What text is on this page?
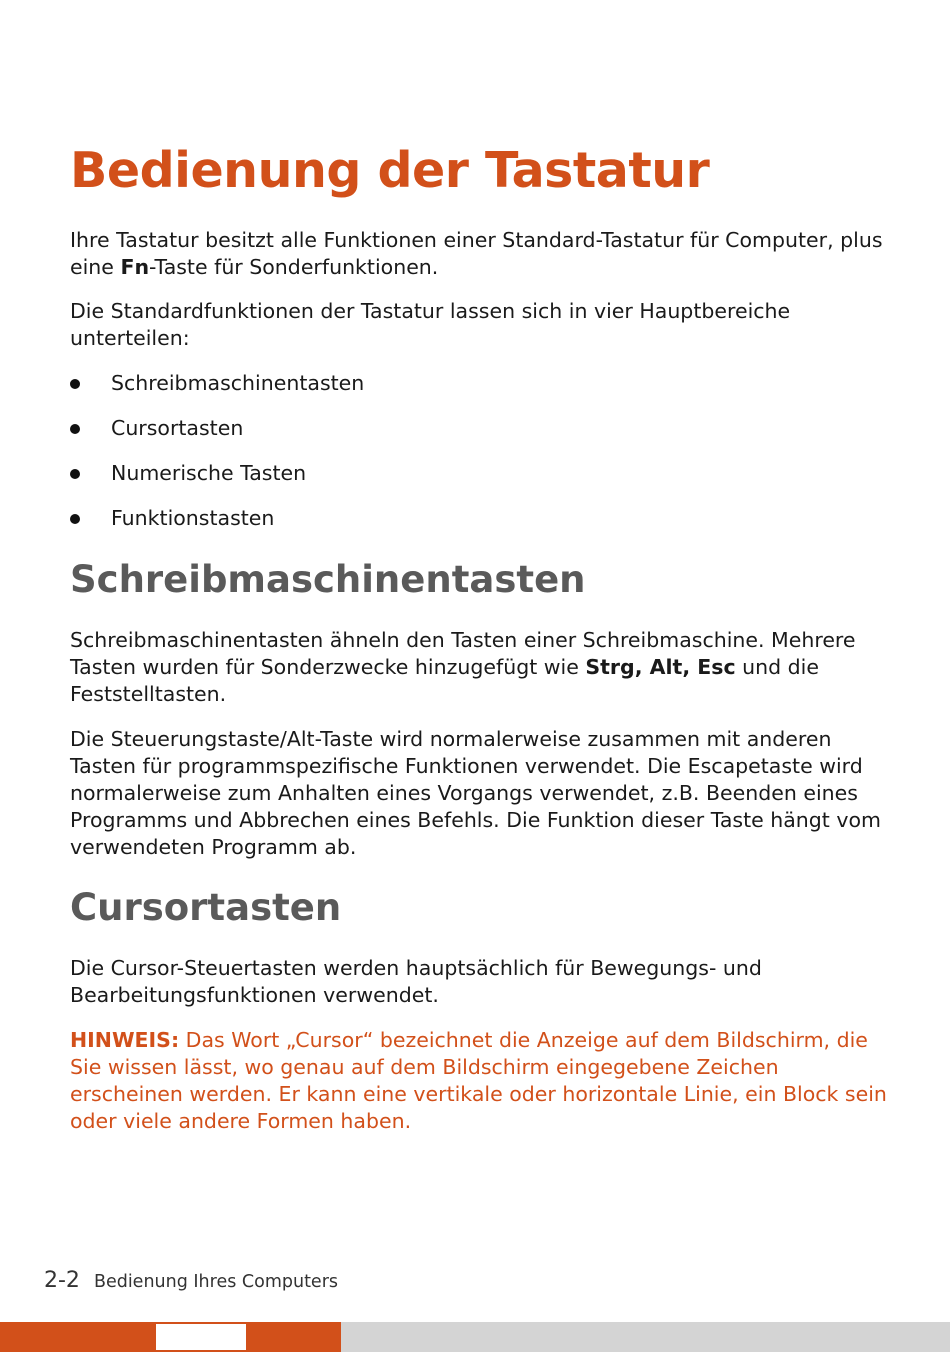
Bedienung der Tastatur

Ihre Tastatur besitzt alle Funktionen einer Standard-Tastatur für Computer, plus eine Fn-Taste für Sonderfunktionen.

Die Standardfunktionen der Tastatur lassen sich in vier Hauptbereiche unterteilen:

Schreibmaschinentasten
Cursortasten
Numerische Tasten
Funktionstasten
Schreibmaschinentasten

Schreibmaschinentasten ähneln den Tasten einer Schreibmaschine. Mehrere Tasten wurden für Sonderzwecke hinzugefügt wie Strg, Alt, Esc und die Feststelltasten.

Die Steuerungstaste/Alt-Taste wird normalerweise zusammen mit anderen Tasten für programmspezifische Funktionen verwendet. Die Escapetaste wird normalerweise zum Anhalten eines Vorgangs verwendet, z.B. Beenden eines Programms und Abbrechen eines Befehls. Die Funktion dieser Taste hängt vom verwendeten Programm ab.

Cursortasten

Die Cursor-Steuertasten werden hauptsächlich für Bewegungs- und Bearbeitungsfunktionen verwendet.

HINWEIS: Das Wort „Cursor“ bezeichnet die Anzeige auf dem Bildschirm, die Sie wissen lässt, wo genau auf dem Bildschirm eingegebene Zeichen erscheinen werden. Er kann eine vertikale oder horizontale Linie, ein Block sein oder viele andere Formen haben.

2-2 Bedienung Ihres Computers
